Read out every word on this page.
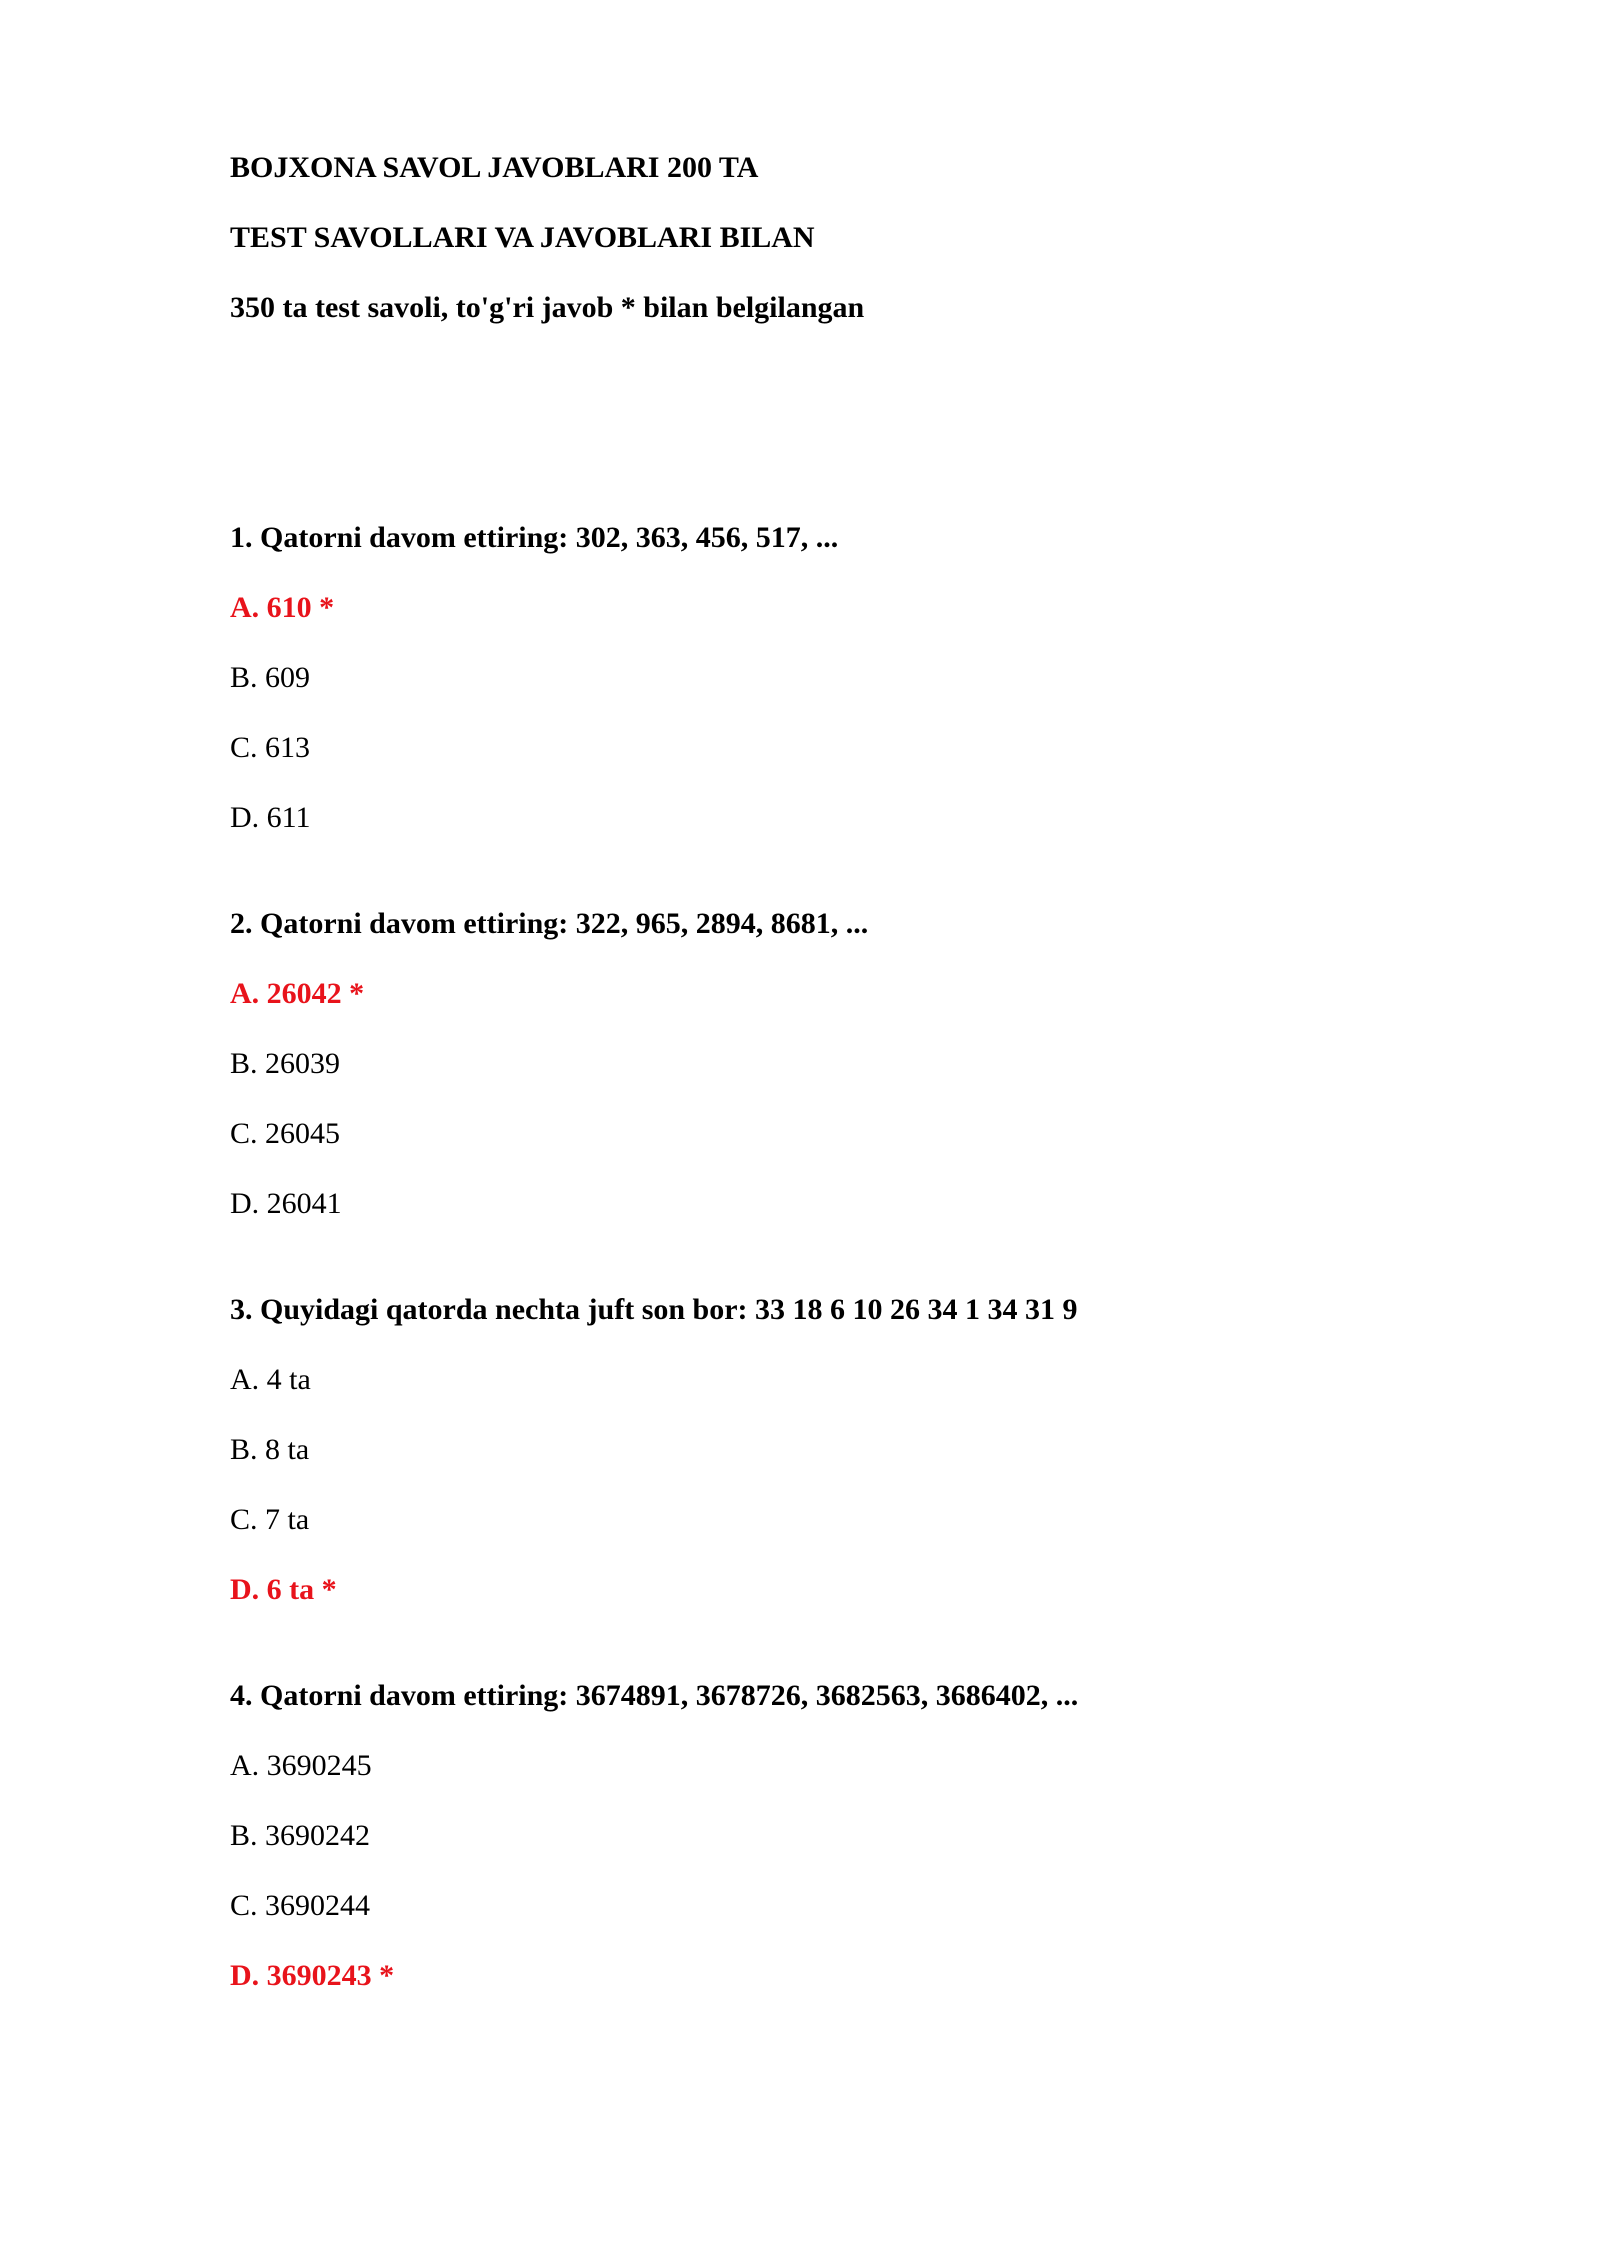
BOJXONA SAVOL JAVOBLARI 200 TA
TEST SAVOLLARI VA JAVOBLARI BILAN
350 ta test savoli, to'g'ri javob * bilan belgilangan
1. Qatorni davom ettiring: 302, 363, 456, 517, ...
A. 610 *
B. 609
C. 613
D. 611
2. Qatorni davom ettiring: 322, 965, 2894, 8681, ...
A. 26042 *
B. 26039
C. 26045
D. 26041
3. Quyidagi qatorda nechta juft son bor: 33 18 6 10 26 34 1 34 31 9
A. 4 ta
B. 8 ta
C. 7 ta
D. 6 ta *
4. Qatorni davom ettiring: 3674891, 3678726, 3682563, 3686402, ...
A. 3690245
B. 3690242
C. 3690244
D. 3690243 *
